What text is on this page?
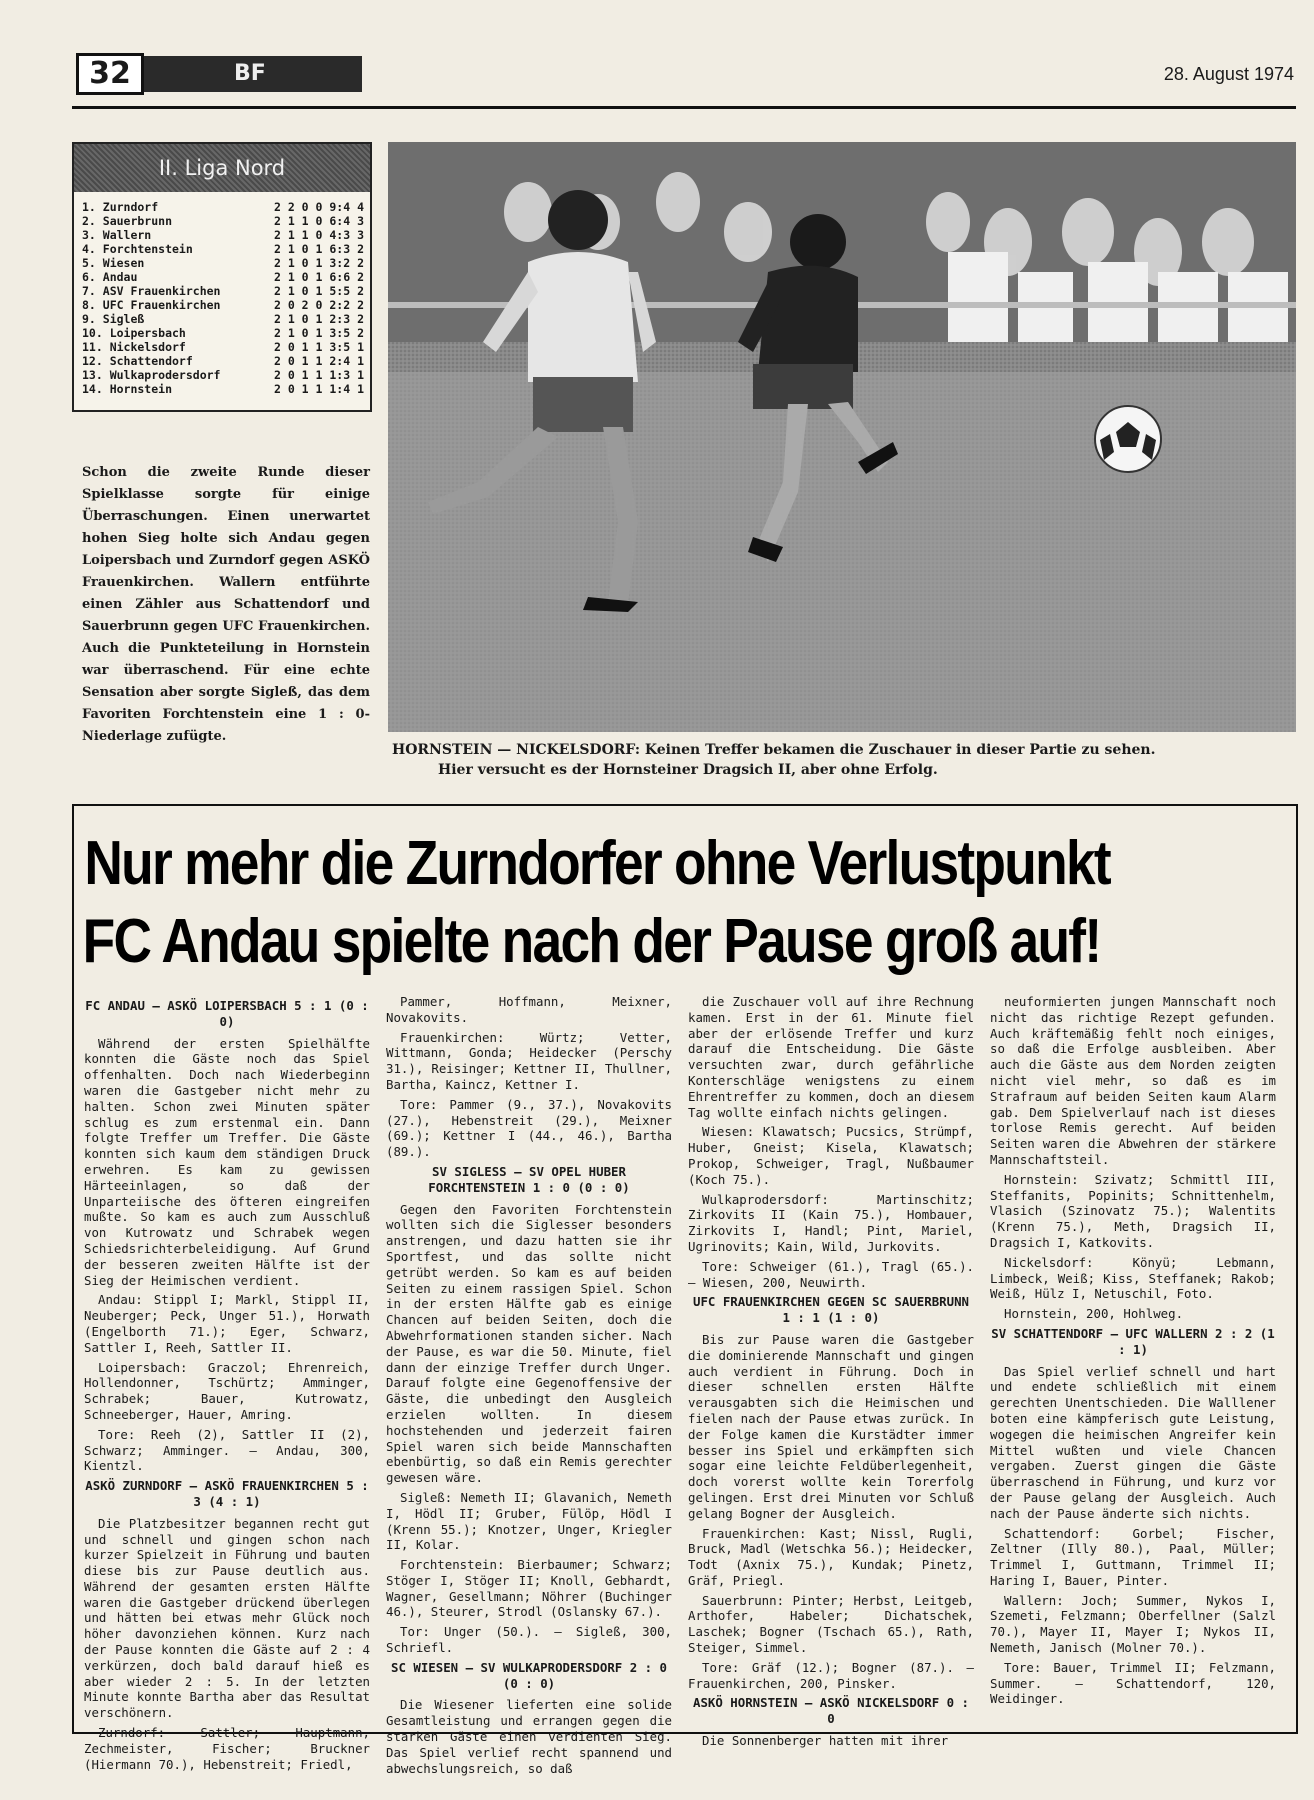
32	BF	28. August 1974
II. Liga Nord
1. Zurndorf	2 2 0 0 9:4 4
2. Sauerbrunn	2 1 1 0 6:4 3
3. Wallern	2 1 1 0 4:3 3
4. Forchtenstein	2 1 0 1 6:3 2
5. Wiesen	2 1 0 1 3:2 2
6. Andau	2 1 0 1 6:6 2
7. ASV Frauenkirchen	2 1 0 1 5:5 2
8. UFC Frauenkirchen	2 0 2 0 2:2 2
9. Sigleß	2 1 0 1 2:3 2
10. Loipersbach	2 1 0 1 3:5 2
11. Nickelsdorf	2 0 1 1 3:5 1
12. Schattendorf	2 0 1 1 2:4 1
13. Wulkaprodersdorf	2 0 1 1 1:3 1
14. Hornstein	2 0 1 1 1:4 1
Schon die zweite Runde dieser Spielklasse sorgte für einige Überraschungen. Einen unerwartet hohen Sieg holte sich Andau gegen Loipersbach und Zurndorf gegen ASKÖ Frauenkirchen. Wallern entführte einen Zähler aus Schattendorf und Sauerbrunn gegen UFC Frauenkirchen. Auch die Punkteteilung in Hornstein war überraschend. Für eine echte Sensation aber sorgte Sigleß, das dem Favoriten Forchtenstein eine 1 : 0-Niederlage zufügte.
HORNSTEIN — NICKELSDORF: Keinen Treffer bekamen die Zuschauer in dieser Partie zu sehen.
Hier versucht es der Hornsteiner Dragsich II, aber ohne Erfolg.
Nur mehr die Zurndorfer ohne Verlustpunkt
FC Andau spielte nach der Pause groß auf!

FC ANDAU — ASKÖ LOIPERSBACH 5 : 1 (0 : 0)

Während der ersten Spielhälfte konnten die Gäste noch das Spiel offenhalten. Doch nach Wiederbeginn waren die Gastgeber nicht mehr zu halten. Schon zwei Minuten später schlug es zum erstenmal ein. Dann folgte Treffer um Treffer. Die Gäste konnten sich kaum dem ständigen Druck erwehren. Es kam zu gewissen Härteeinlagen, so daß der Unparteiische des öfteren eingreifen mußte. So kam es auch zum Ausschluß von Kutrowatz und Schrabek wegen Schiedsrichterbeleidigung. Auf Grund der besseren zweiten Hälfte ist der Sieg der Heimischen verdient.

Andau: Stippl I; Markl, Stippl II, Neuberger; Peck, Unger 51.), Horwath (Engelborth 71.); Eger, Schwarz, Sattler I, Reeh, Sattler II.

Loipersbach: Graczol; Ehrenreich, Hollendonner, Tschürtz; Amminger, Schrabek; Bauer, Kutrowatz, Schneeberger, Hauer, Amring.

Tore: Reeh (2), Sattler II (2), Schwarz; Amminger. — Andau, 300, Kientzl.

ASKÖ ZURNDORF — ASKÖ FRAUENKIRCHEN 5 : 3 (4 : 1)

Die Platzbesitzer begannen recht gut und schnell und gingen schon nach kurzer Spielzeit in Führung und bauten diese bis zur Pause deutlich aus. Während der gesamten ersten Hälfte waren die Gastgeber drückend überlegen und hätten bei etwas mehr Glück noch höher davonziehen können. Kurz nach der Pause konnten die Gäste auf 2 : 4 verkürzen, doch bald darauf hieß es aber wieder 2 : 5. In der letzten Minute konnte Bartha aber das Resultat verschönern.

Zurndorf: Sattler; Hauptmann, Zechmeister, Fischer; Bruckner (Hiermann 70.), Hebenstreit; Friedl,

Pammer, Hoffmann, Meixner, Novakovits.

Frauenkirchen: Würtz; Vetter, Wittmann, Gonda; Heidecker (Perschy 31.), Reisinger; Kettner II, Thullner, Bartha, Kaincz, Kettner I.

Tore: Pammer (9., 37.), Novakovits (27.), Hebenstreit (29.), Meixner (69.); Kettner I (44., 46.), Bartha (89.).

SV SIGLESS — SV OPEL HUBER FORCHTENSTEIN 1 : 0 (0 : 0)

Gegen den Favoriten Forchtenstein wollten sich die Siglesser besonders anstrengen, und dazu hatten sie ihr Sportfest, und das sollte nicht getrübt werden. So kam es auf beiden Seiten zu einem rassigen Spiel. Schon in der ersten Hälfte gab es einige Chancen auf beiden Seiten, doch die Abwehrformationen standen sicher. Nach der Pause, es war die 50. Minute, fiel dann der einzige Treffer durch Unger. Darauf folgte eine Gegenoffensive der Gäste, die unbedingt den Ausgleich erzielen wollten. In diesem hochstehenden und jederzeit fairen Spiel waren sich beide Mannschaften ebenbürtig, so daß ein Remis gerechter gewesen wäre.

Sigleß: Nemeth II; Glavanich, Nemeth I, Hödl II; Gruber, Fülöp, Hödl I (Krenn 55.); Knotzer, Unger, Kriegler II, Kolar.

Forchtenstein: Bierbaumer; Schwarz; Stöger I, Stöger II; Knoll, Gebhardt, Wagner, Gesellmann; Nöhrer (Buchinger 46.), Steurer, Strodl (Oslansky 67.).

Tor: Unger (50.). — Sigleß, 300, Schriefl.

SC WIESEN — SV WULKAPRODERSDORF 2 : 0 (0 : 0)

Die Wiesener lieferten eine solide Gesamtleistung und errangen gegen die starken Gäste einen verdienten Sieg. Das Spiel verlief recht spannend und abwechslungsreich, so daß

die Zuschauer voll auf ihre Rechnung kamen. Erst in der 61. Minute fiel aber der erlösende Treffer und kurz darauf die Entscheidung. Die Gäste versuchten zwar, durch gefährliche Konterschläge wenigstens zu einem Ehrentreffer zu kommen, doch an diesem Tag wollte einfach nichts gelingen.

Wiesen: Klawatsch; Pucsics, Strümpf, Huber, Gneist; Kisela, Klawatsch; Prokop, Schweiger, Tragl, Nußbaumer (Koch 75.).

Wulkaprodersdorf: Martinschitz; Zirkovits II (Kain 75.), Hombauer, Zirkovits I, Handl; Pint, Mariel, Ugrinovits; Kain, Wild, Jurkovits.

Tore: Schweiger (61.), Tragl (65.). — Wiesen, 200, Neuwirth.

UFC FRAUENKIRCHEN GEGEN SC SAUERBRUNN 1 : 1 (1 : 0)

Bis zur Pause waren die Gastgeber die dominierende Mannschaft und gingen auch verdient in Führung. Doch in dieser schnellen ersten Hälfte verausgabten sich die Heimischen und fielen nach der Pause etwas zurück. In der Folge kamen die Kurstädter immer besser ins Spiel und erkämpften sich sogar eine leichte Feldüberlegenheit, doch vorerst wollte kein Torerfolg gelingen. Erst drei Minuten vor Schluß gelang Bogner der Ausgleich.

Frauenkirchen: Kast; Nissl, Rugli, Bruck, Madl (Wetschka 56.); Heidecker, Todt (Axnix 75.), Kundak; Pinetz, Gräf, Priegl.

Sauerbrunn: Pinter; Herbst, Leitgeb, Arthofer, Habeler; Dichatschek, Laschek; Bogner (Tschach 65.), Rath, Steiger, Simmel.

Tore: Gräf (12.); Bogner (87.). — Frauenkirchen, 200, Pinsker.

ASKÖ HORNSTEIN — ASKÖ NICKELSDORF 0 : 0

Die Sonnenberger hatten mit ihrer

neuformierten jungen Mannschaft noch nicht das richtige Rezept gefunden. Auch kräftemäßig fehlt noch einiges, so daß die Erfolge ausbleiben. Aber auch die Gäste aus dem Norden zeigten nicht viel mehr, so daß es im Strafraum auf beiden Seiten kaum Alarm gab. Dem Spielverlauf nach ist dieses torlose Remis gerecht. Auf beiden Seiten waren die Abwehren der stärkere Mannschaftsteil.

Hornstein: Szivatz; Schmittl III, Steffanits, Popinits; Schnittenhelm, Vlasich (Szinovatz 75.); Walentits (Krenn 75.), Meth, Dragsich II, Dragsich I, Katkovits.

Nickelsdorf: Könyü; Lebmann, Limbeck, Weiß; Kiss, Steffanek; Rakob; Weiß, Hülz I, Netuschil, Foto.

Hornstein, 200, Hohlweg.

SV SCHATTENDORF — UFC WALLERN 2 : 2 (1 : 1)

Das Spiel verlief schnell und hart und endete schließlich mit einem gerechten Unentschieden. Die Walllener boten eine kämpferisch gute Leistung, wogegen die heimischen Angreifer kein Mittel wußten und viele Chancen vergaben. Zuerst gingen die Gäste überraschend in Führung, und kurz vor der Pause gelang der Ausgleich. Auch nach der Pause änderte sich nichts.

Schattendorf: Gorbel; Fischer, Zeltner (Illy 80.), Paal, Müller; Trimmel I, Guttmann, Trimmel II; Haring I, Bauer, Pinter.

Wallern: Joch; Summer, Nykos I, Szemeti, Felzmann; Oberfellner (Salzl 70.), Mayer II, Mayer I; Nykos II, Nemeth, Janisch (Molner 70.).

Tore: Bauer, Trimmel II; Felzmann, Summer. — Schattendorf, 120, Weidinger.
